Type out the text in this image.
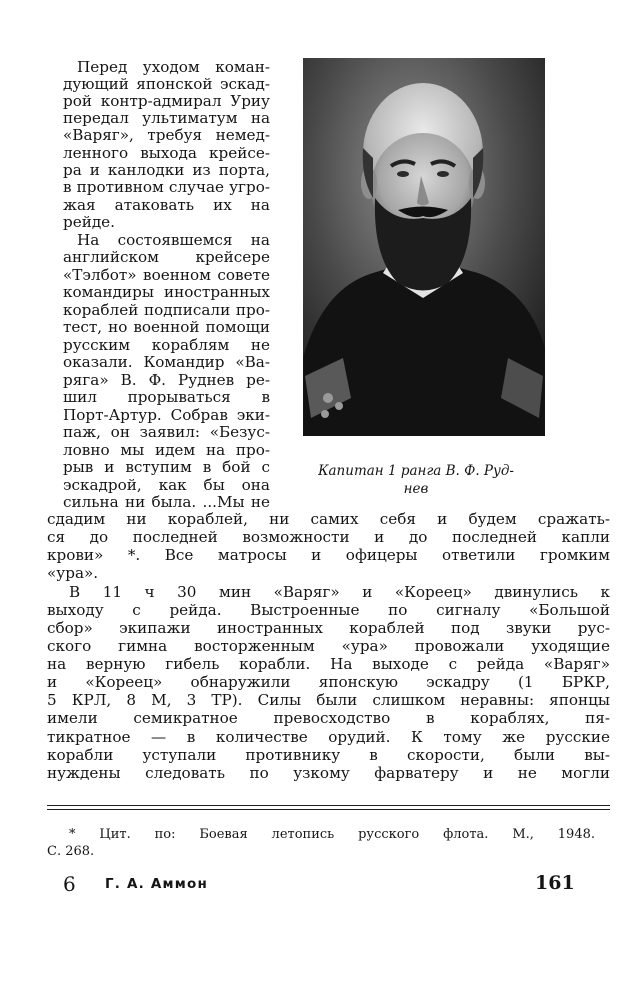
Перед уходом коман-

дующий японской эскад-

рой контр-адмирал Уриу

передал ультиматум на

«Варяг», требуя немед-

ленного выхода крейсе-

ра и канлодки из порта,

в противном случае угро-

жая атаковать их на

рейде.

На состоявшемся на

английском крейсере

«Тэлбот» военном совете

командиры иностранных

кораблей подписали про-

тест, но военной помощи

русским кораблям не

оказали. Командир «Ва-

ряга» В. Ф. Руднев ре-

шил прорываться в

Порт-Артур. Собрав эки-

паж, он заявил: «Безус-

ловно мы идем на про-

рыв и вступим в бой с

эскадрой, как бы она

сильна ни была. ...Мы не

Капитан 1 ранга В. Ф. Руд-
нев

сдадим ни кораблей, ни самих себя и будем сражать-

ся до последней возможности и до последней капли

крови» *. Все матросы и офицеры ответили громким

«ура».

В 11 ч 30 мин «Варяг» и «Кореец» двинулись к

выходу с рейда. Выстроенные по сигналу «Большой

сбор» экипажи иностранных кораблей под звуки рус-

ского гимна восторженным «ура» провожали уходящие

на верную гибель корабли. На выходе с рейда «Варяг»

и «Кореец» обнаружили японскую эскадру (1 БРКР,

5 КРЛ, 8 М, 3 ТР). Силы были слишком неравны: японцы

имели семикратное превосходство в кораблях, пя-

тикратное — в количестве орудий. К тому же русские

корабли уступали противнику в скорости, были вы-

нуждены следовать по узкому фарватеру и не могли

* Цит. по: Боевая летопись русского флота. М., 1948.
С. 268.
6 Г. А. Аммон	161
